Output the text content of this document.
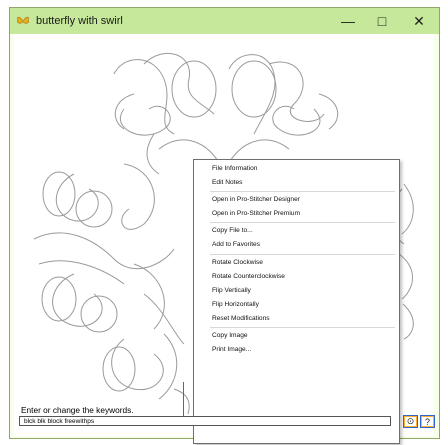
butterfly with swirl	—	□	✕
File Information
Edit Notes
Open in Pro-Stitcher Designer
Open in Pro-Stitcher Premium
Copy File to...
Add to Favorites
Rotate Clockwise
Rotate Counterclockwise
Flip Vertically
Flip Horizontally
Reset Modifications
Copy Image
Print Image...
Enter or change the keywords.
blck blk block freewithps	⊙ ?
